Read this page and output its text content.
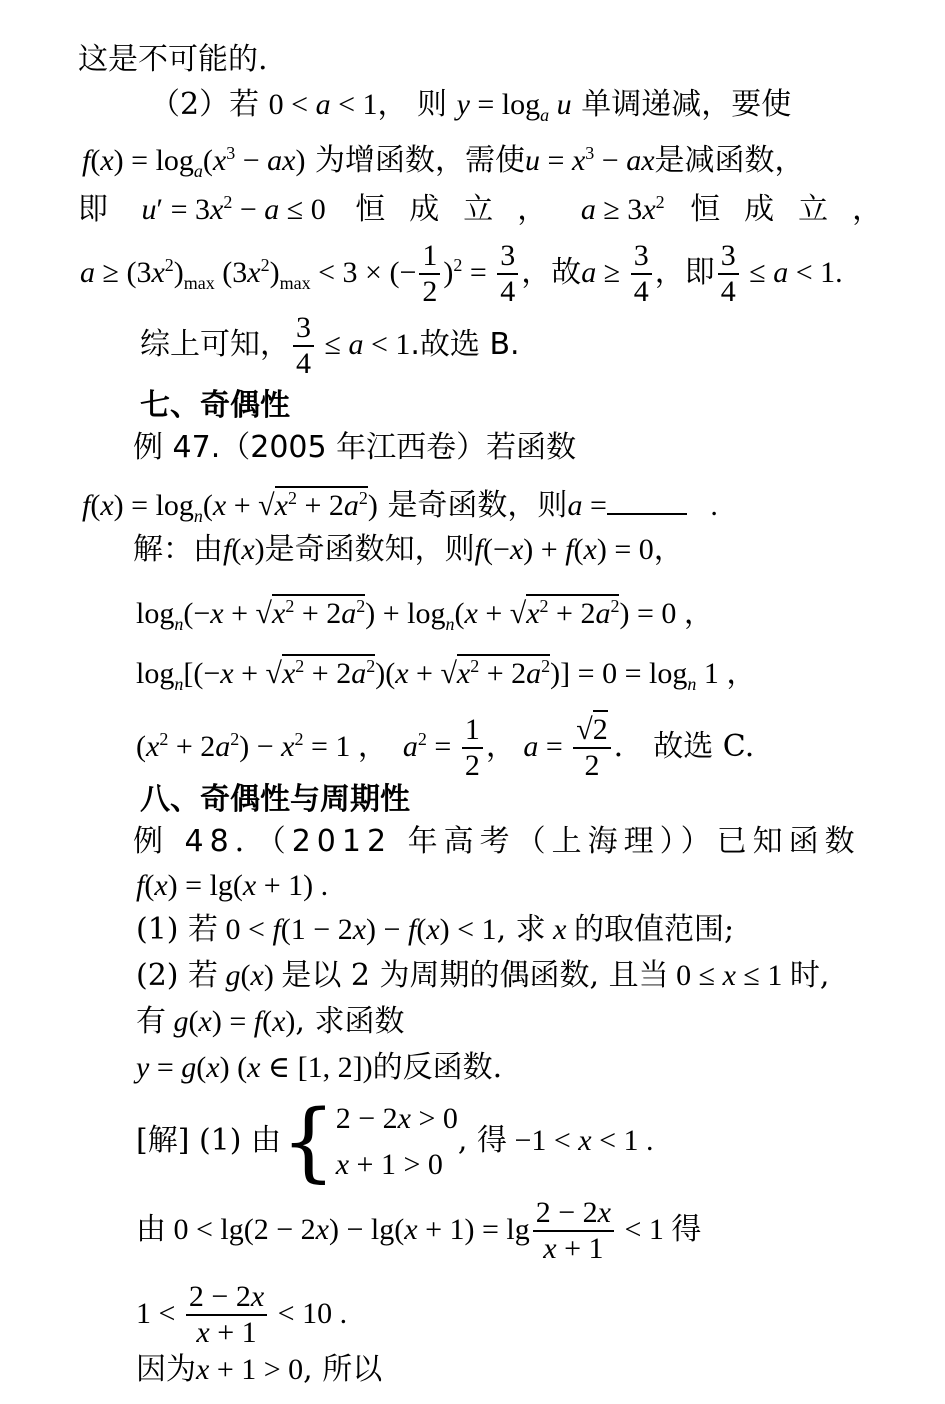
这是不可能的.
（2）若 0 < a < 1， 则 $y = \log_a u$ 单调递减，要使
$f(x) = \log_a(x^3 - ax)$ 为增函数，需使$u = x^3$ − ax是减函数，
即 $u' = 3x^2 - a \le 0$ 恒成立， $a \ge 3x^2$ 恒成立，
$a \ge (3x^2)_{max}$ $(3x^2)_{max} < 3$ × (− $\frac{1}{2} )^2 = \frac{3}{4}$ ，故$a \ge \frac{3}{4}$ ，即 $\frac{3}{4} \le a < 1$.
综上可知， $\frac{3}{4} \le a < 1$.故选 B.
七、奇偶性
例 47.（2005 年江西卷）若函数
$f(x) = \log_n(x + √x^2 + 2a^2)$ 是奇函数，则a =	.
解：由f(x)是奇函数知，则f(−x) + f(x) = 0，
$\log_n(-x + √x^2 + 2a^2) + \log_n(x + √x^2 + 2a^2) = 0$ ，
$\log_n[(-x + √x^2 + 2a^2)(x + √x^2 + 2a^2)] = 0 = \log_n 1$ ，
$(x^2 + 2a^2) - x^2 = 1$ ，  $a^2 = \frac{1}{2}$ ， $a = \frac{√2}{2}$ ． 故选 C.
八、奇偶性与周期性
例 48．（2012 年高考（上海理））已知函数
f(x) = lg(x + 1) .
(1) 若 0 < f(1 − 2x) − f(x) < 1, 求 x 的取值范围;
(2) 若 g(x) 是以 2 为周期的偶函数, 且当 0 ≤ x ≤ 1 时,
有 g(x) = f(x), 求函数
y = g(x) (x ∈ [1, 2])的反函数.
[解] (1) 由{ 2 − 2x > 0
x + 1 > 0
, 得 −1 < x < 1 .
由 $0 < \lg(2 - 2x) - \lg(x + 1) = \lg \frac{2 - 2x}{x + 1} < 1$ 得
$1 < \frac{2 - 2x}{x + 1} < 10$ .
因为x + 1 > 0, 所以
